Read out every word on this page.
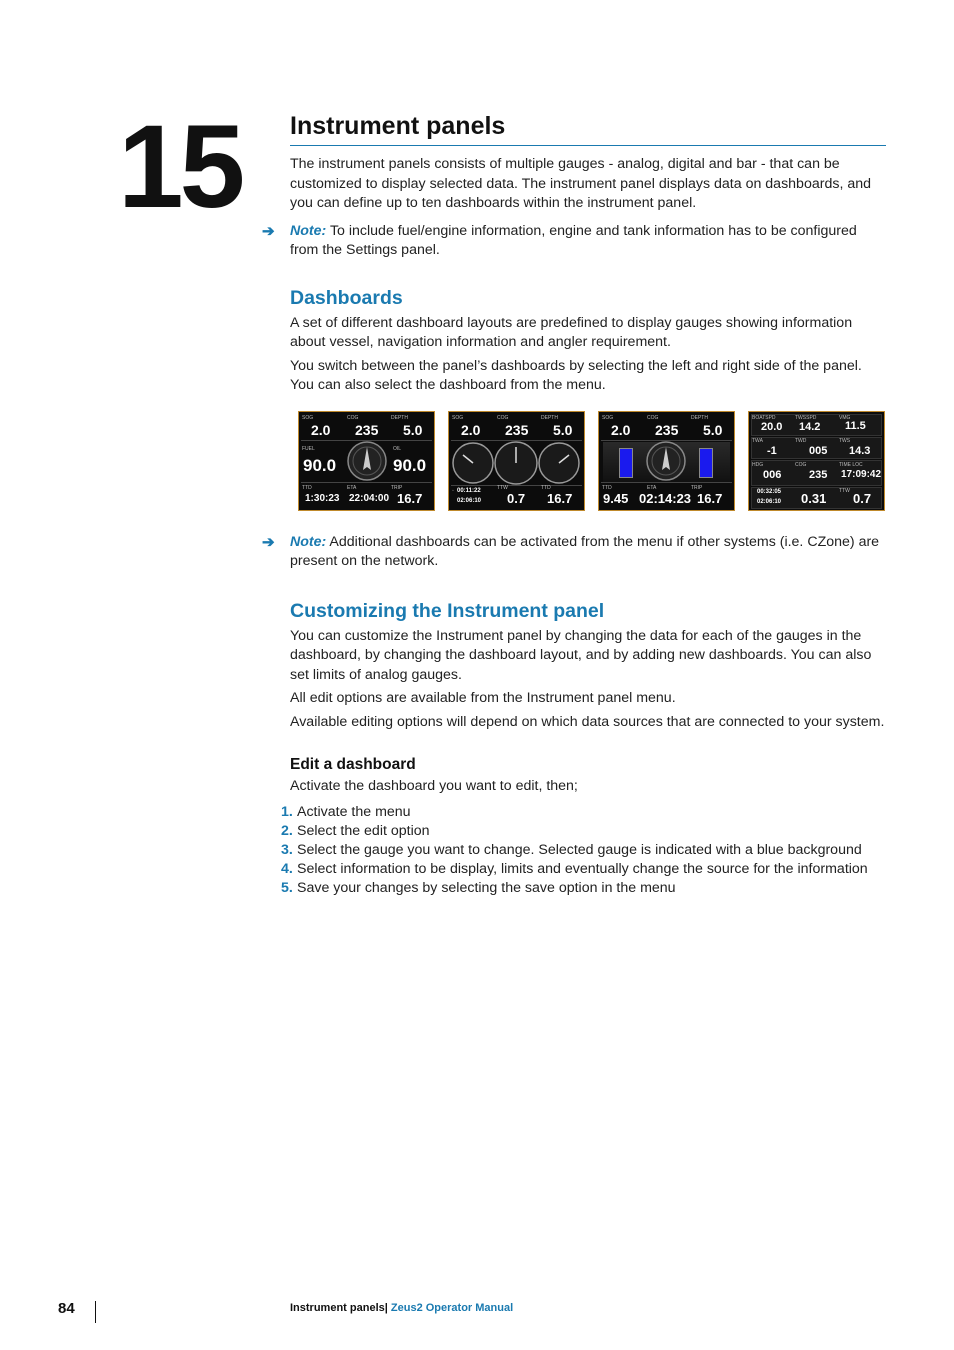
15 Instrument panels

The instrument panels consists of multiple gauges - analog, digital and bar - that can be customized to display selected data. The instrument panel displays data on dashboards, and you can define up to ten dashboards within the instrument panel.

➔ Note: To include fuel/engine information, engine and tank information has to be configured from the Settings panel.

Dashboards

A set of different dashboard layouts are predefined to display gauges showing information about vessel, navigation information and angler requirement.

You switch between the panel’s dashboards by selecting the left and right side of the panel. You can also select the dashboard from the menu.

SOG	COG	DEPTH
2.0 235 5.0
FUEL	OIL
90.0	90.0
TTD	ETA	TRIP
1:30:23 22:04:00 16.7
SOG	COG	DEPTH
2.0 235 5.0
◦ 00:11:22
02:06:10
TTW	TTD
0.7 16.7
SOG	COG	DEPTH
2.0 235 5.0
TTD	ETA	TRIP
9.45 02:14:23 16.7
BOATSPD	TWSSPD	VMG
20.0 14.2 11.5
TWA	TWD	TWS
-1	005 14.3
HDG	COG	TIME LOC
006	235 17:09:42
00:32:05
02:06:10
TTW
0.31 0.7

➔ Note: Additional dashboards can be activated from the menu if other systems (i.e. CZone) are present on the network.

Customizing the Instrument panel

You can customize the Instrument panel by changing the data for each of the gauges in the dashboard, by changing the dashboard layout, and by adding new dashboards. You can also set limits of analog gauges.

All edit options are available from the Instrument panel menu.

Available editing options will depend on which data sources that are connected to your system.

Edit a dashboard

Activate the dashboard you want to edit, then;

1. Activate the menu
2. Select the edit option
3. Select the gauge you want to change. Selected gauge is indicated with a blue background
4. Select information to be display, limits and eventually change the source for the information
5. Save your changes by selecting the save option in the menu
84	Instrument panels| Zeus2 Operator Manual
